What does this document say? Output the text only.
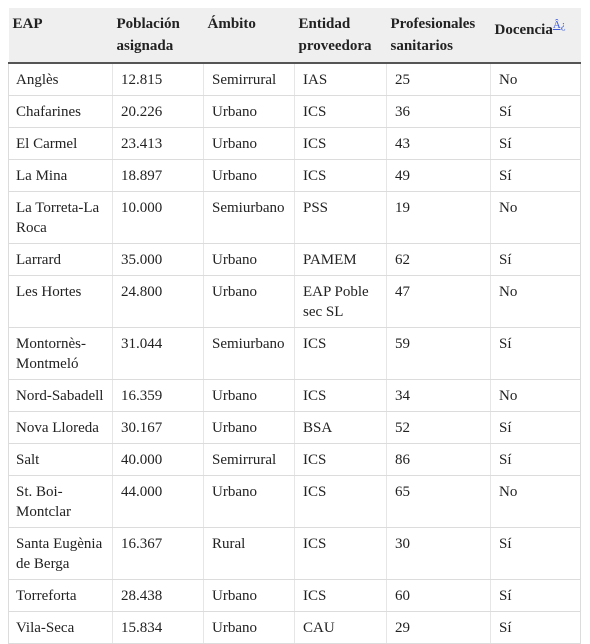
EAP	Población asignada	Ámbito	Entidad proveedora	Profesionales sanitarios	Docencia$^{Â¿}$
Anglès	12.815	Semirrural	IAS	25	No
Chafarines	20.226	Urbano	ICS	36	Sí
El Carmel	23.413	Urbano	ICS	43	Sí
La Mina	18.897	Urbano	ICS	49	Sí
La Torreta-La Roca	10.000	Semiurbano	PSS	19	No
Larrard	35.000	Urbano	PAMEM	62	Sí
Les Hortes	24.800	Urbano	EAP Poble sec SL	47	No
Montornès-Montmeló	31.044	Semiurbano	ICS	59	Sí
Nord-Sabadell	16.359	Urbano	ICS	34	No
Nova Lloreda	30.167	Urbano	BSA	52	Sí
Salt	40.000	Semirrural	ICS	86	Sí
St. Boi-Montclar	44.000	Urbano	ICS	65	No
Santa Eugènia de Berga	16.367	Rural	ICS	30	Sí
Torreforta	28.438	Urbano	ICS	60	Sí
Vila-Seca	15.834	Urbano	CAU	29	Sí
